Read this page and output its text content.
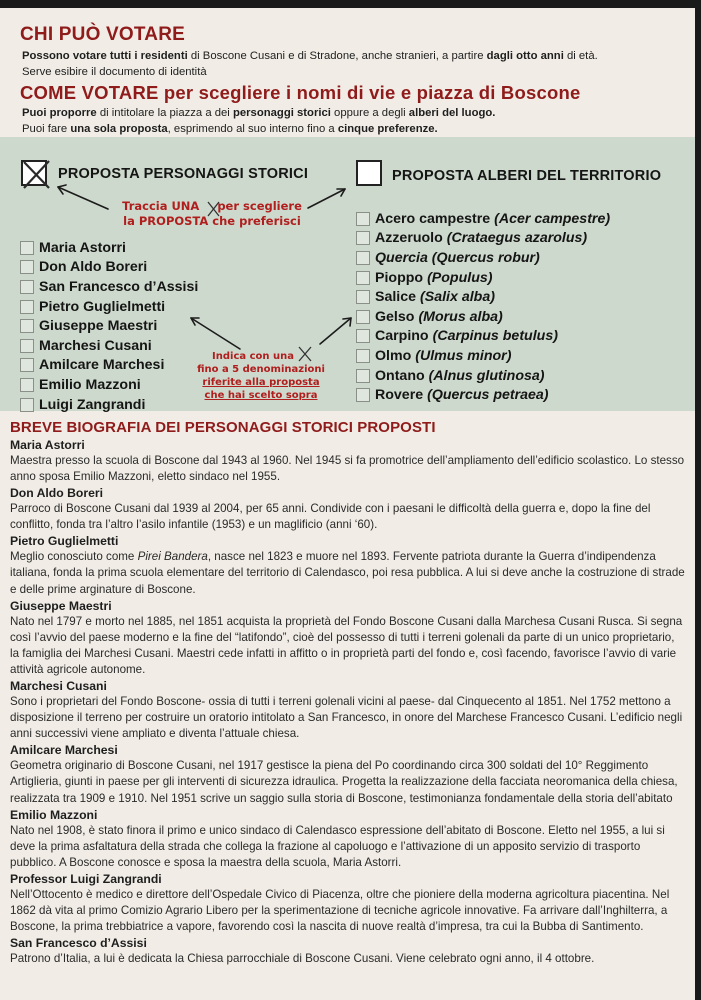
CHI PUÒ VOTARE

Possono votare tutti i residenti di Boscone Cusani e di Stradone, anche stranieri, a partire dagli otto anni di età.

Serve esibire il documento di identità

COME VOTARE per scegliere i nomi di vie e piazza di Boscone

Puoi proporre di intitolare la piazza a dei personaggi storici oppure a degli alberi del luogo.

Puoi fare una sola proposta, esprimendo al suo interno fino a cinque preferenze.

PROPOSTA PERSONAGGI STORICI
Traccia UNA per scegliere
la PROPOSTA che preferisci
Maria Astorri
Don Aldo Boreri
San Francesco d’Assisi
Pietro Guglielmetti
Giuseppe Maestri
Marchesi Cusani
Amilcare Marchesi
Emilio Mazzoni
Luigi Zangrandi
Indica con una
fino a 5 denominazioni
riferite alla proposta
che hai scelto sopra
PROPOSTA ALBERI DEL TERRITORIO
Acero campestre (Acer campestre)
Azzeruolo (Crataegus azarolus)
Quercia (Quercus robur)
Pioppo (Populus)
Salice (Salix alba)
Gelso (Morus alba)
Carpino (Carpinus betulus)
Olmo (Ulmus minor)
Ontano (Alnus glutinosa)
Rovere (Quercus petraea)
BREVE BIOGRAFIA DEI PERSONAGGI STORICI PROPOSTI

Maria Astorri

Maestra presso la scuola di Boscone dal 1943 al 1960. Nel 1945 si fa promotrice dell’ampliamento dell’edificio scolastico. Lo stesso anno sposa Emilio Mazzoni, eletto sindaco nel 1955.

Don Aldo Boreri

Parroco di Boscone Cusani dal 1939 al 2004, per 65 anni. Condivide con i paesani le difficoltà della guerra e, dopo la fine del conflitto, fonda tra l’altro l’asilo infantile (1953) e un maglificio (anni ‘60).

Pietro Guglielmetti

Meglio conosciuto come Pirei Bandera, nasce nel 1823 e muore nel 1893. Fervente patriota durante la Guerra d’indipendenza italiana, fonda la prima scuola elementare del territorio di Calendasco, poi resa pubblica. A lui si deve anche la costruzione di strade e delle prime arginature di Boscone.

Giuseppe Maestri

Nato nel 1797 e morto nel 1885, nel 1851 acquista la proprietà del Fondo Boscone Cusani dalla Marchesa Cusani Rusca. Si segna così l’avvio del paese moderno e la fine del “latifondo”, cioè del possesso di tutti i terreni golenali da parte di un unico proprietario, la famiglia dei Marchesi Cusani. Maestri cede infatti in affitto o in proprietà parti del fondo e, così facendo, favorisce l’avvio di varie attività agricole autonome.

Marchesi Cusani

Sono i proprietari del Fondo Boscone- ossia di tutti i terreni golenali vicini al paese- dal Cinquecento al 1851. Nel 1752 mettono a disposizione il terreno per costruire un oratorio intitolato a San Francesco, in onore del Marchese Francesco Cusani. L’edificio negli anni successivi viene ampliato e diventa l’attuale chiesa.

Amilcare Marchesi

Geometra originario di Boscone Cusani, nel 1917 gestisce la piena del Po coordinando circa 300 soldati del 10° Reggimento Artiglieria, giunti in paese per gli interventi di sicurezza idraulica. Progetta la realizzazione della facciata neoromanica della chiesa, realizzata tra 1909 e 1910. Nel 1951 scrive un saggio sulla storia di Boscone, testimonianza fondamentale della storia dell’abitato

Emilio Mazzoni

Nato nel 1908, è stato finora il primo e unico sindaco di Calendasco espressione dell’abitato di Boscone. Eletto nel 1955, a lui si deve la prima asfaltatura della strada che collega la frazione al capoluogo e l’attivazione di un apposito servizio di trasporto pubblico. A Boscone conosce e sposa la maestra della scuola, Maria Astorri.

Professor Luigi Zangrandi

Nell’Ottocento è medico e direttore dell’Ospedale Civico di Piacenza, oltre che pioniere della moderna agricoltura piacentina. Nel 1862 dà vita al primo Comizio Agrario Libero per la sperimentazione di tecniche agricole innovative. Fa arrivare dall’Inghilterra, a Boscone, la prima trebbiatrice a vapore, favorendo così la nascita di nuove realtà d’impresa, tra cui la Bubba di Santimento.

San Francesco d’Assisi

Patrono d’Italia, a lui è dedicata la Chiesa parrocchiale di Boscone Cusani. Viene celebrato ogni anno, il 4 ottobre.
